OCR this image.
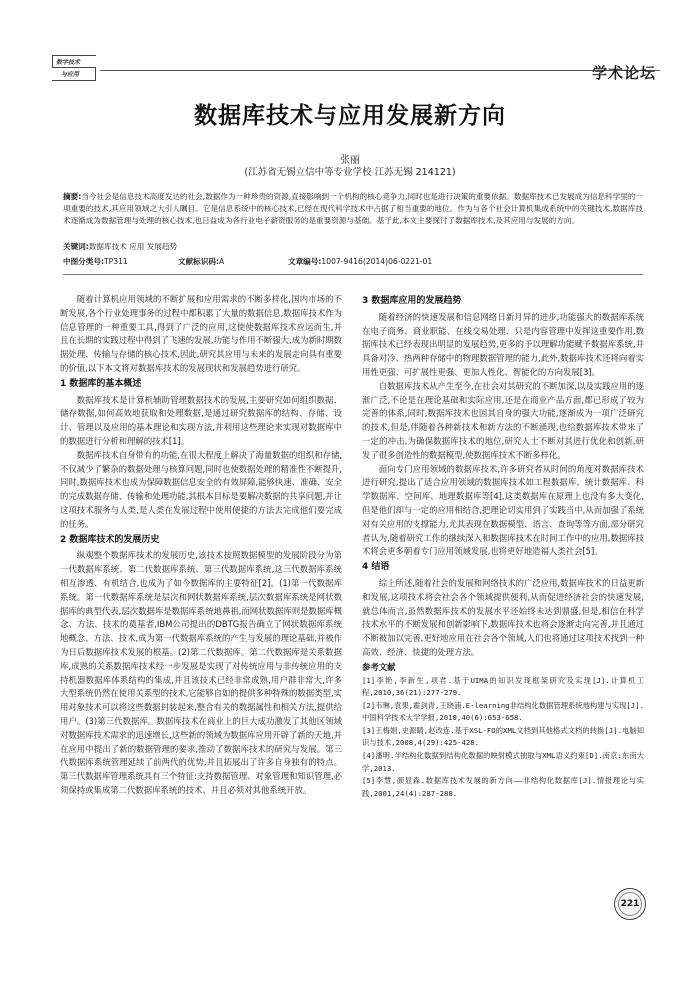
数字技术
与应用	学术论坛
数据库技术与应用发展新方向
张丽
(江苏省无锡立信中等专业学校 江苏无锡 214121)
摘要:当今社会是信息技术高度发达的社会,数据作为一种珍贵的资源,直接影响到一个机构的核心竞争力,同时也是进行决策的重要依据。数据库技术已发展成为信息科学里的一项重要的技术,其应用领域之大引人瞩目。它是信息系统中的核心技术,已经在现代科学技术中占据了相当重要的地位。作为与各个社会计算机集成系统中的关键技术,数据库技术逐渐成为数据管理与处理的核心技术,也日益成为各行业电子薪资服务的是重要资源与基础。基于此,本文主要探讨了数据库技术,及其应用与发展的方向。
关键词:数据库技术 应用 发展趋势
中图分类号:TP311	文献标识码:A	文章编号:1007-9416(2014)06-0221-01

随着计算机应用领域的不断扩展和应用需求的不断多样化,国内市场的不断发展,各个行业处理事务的过程中都积累了大量的数据信息,数据库技术作为信息管理的一种重要工具,得到了广泛的应用,这使使数据库技术应运而生,并且在长期的实践过程中得到了飞速的发展,功能与作用不断强大,成为新时期数据处理、传输与存储的核心技术,因此,研究其应用与未来的发展走向具有重要的价值,以下本文将对数据库技术的发展现状和发展趋势进行研究。

1 数据库的基本概述

数据库技术是计算机辅助管理数据技术的发展,主要研究如何组织数据、储存数据,如何高效地获取和处理数据,是通过研究数据库的结构、存储、设计、管理以及应用的基本理论和实现方法,并利用这些理论来实现对数据库中的数据进行分析和理解的技术[1]。

数据库技术自身带有的功能,在很大程度上解决了海量数据的组织和存储,不仅减少了繁杂的数据处理与核算问题,同时也使数据处理的精准性不断提升,同时,数据库技术也成为保障数据信息安全的有效屏障,能够快速、准确、安全的完成数据存储、传输和处理功能,其根本目标是要解决数据的共享问题,并让这项技术服务与人类,是人类在发展过程中使用便捷的方法去完成他们要完成的任务。

2 数据库技术的发展历史

纵观整个数据库技术的发展历史,该技术按照数据模型的发展阶段分为第一代数据库系统、第二代数据库系统、第三代数据库系统,这三代数据库系统相互渗透、有机结合,也成为了如今数据库的主要特征[2]。(1)第一代数据库系统。第一代数据库系统是层次和网状数据库系统,层次数据库系统是网状数据库的典型代表,层次数据库是数据库系统地鼻祖,而网状数据库则是数据库概念、方法、技术的奠基者,IBM公司提出的DBTG报告确立了网状数据库系统地概念、方法、技术,成为第一代数据库系统的产生与发展的理论基础,并被作为日后数据库技术发展的根基。(2)第二代数据库。第二代数据库是关系数据库,成熟的关系数据库技术经一步发展是实现了对传统应用与非传统应用的支持机器数据库体系结构的集成,并且该技术已经非常成熟,用户群非常大,许多大型系统仍然在使用关系型的技术,它能够自如的提供多种特殊的数据类型,实用对象技术可以将这些数据封装起来,整合有关的数据属性和相关方法,提供给用户。(3)第三代数据库。数据库技术在商业上的巨大成功激发了其他区领域对数据库技术需求的迅速增长,这些新的领域为数据库应用开辟了新的天地,并在应用中提出了新的数据管理的要求,推动了数据库技术的研究与发展。第三代数据库系统管理延续了前两代的优势,并且拓展出了许多自身独有的特点。第三代数据库管理系统具有三个特征:支持数据管理、对象管理和知识管理,必须保持或集成第二代数据库系统的技术、并且必须对其他系统开放。

3 数据库应用的发展趋势

随着经济的快速发展和信息网络日新月异的进步,功能强大的数据库系统在电子商务、商业职能、在线交易处理、只是内容管理中发挥这重要作用,数据库技术已经表现出明显的发展趋势,更多的予以理解功能赋予数据库系统,并具备对冷、热两种存储中的物理数据管理的能力,此外,数据库技术还将向着实用性更强、可扩展性更强、更加人性化、智能化的方向发展[3]。

自数据库技术从产生至今,在社会对其研究的不断加深,以及实践应用的逐渐广泛,不论是在理论基础和实际应用,还是在商业产品方面,都已形成了较为完善的体系,同时,数据库技术也因其自身的强大功能,逐渐成为一项广泛研究的技术,但是,伴随着各种新技术和新方法的不断涌现,也给数据库技术带来了一定的冲击,为确保数据库技术的地位,研究人士不断对其进行优化和创新,研发了很多创造性的数据模型,使数据库技术不断多样化。

面向专门应用领域的数据库技术,许多研究者从时间的角度对数据库技术进行研究,提出了适合应用领域的数据库技术如工程数据库、统计数据库、科学数据库、空间库、地理数据库等[4],这类数据库在原理上也没有多大变化,但是他们却与一定的应用相结合,把理论切实用到了实践当中,从而加强了系统对有关应用的支撑能力,尤其表现在数据模型、语言、查询等等方面,部分研究者认为,随着研究工作的继续深入和数据库技术在时间工作中的应用,数据库技术将会更多朝着专门应用领域发展,也将更好地造福人类社会[5]。

4 结语

综上所述,随着社会的发展和网络技术的广泛应用,数据库技术的日益更新和发展,这项技术将会社会各个领域提供便利,从而促进经济社会的快速发展,就总体而言,虽然数据库技术的发展水平还始终未达到鼎盛,但是,相信在科学技术水平的不断发展和创新影响下,数据库技术也将会逐渐走向完善,并且通过不断被加以完善,更好地应用在社会各个领域,人们也将通过这项技术找到一种高效、经济、快捷的处理方法。

参考文献
[1]李艳,李新生,项君.基于UIMA的知识发现框架研究及实现[J].计算机工程,2010,36(21):277-279.
[2]韦琳,袁果,霍剑青,王晓浦.E-learning非结构化数据管理系统地构建与实现[J].中国科学技术大学学报,2010,40(6):653-658.
[3]王梅娟,史源睛,赵改连.基于XSL-FO的XML文档到其他格式文档的转换[J].电脑知识与技术,2008,4(29):425-428.
[4]潘明.半结构化数据到结构化数据的映射模式抽取与XML语义约束[D].南京:东南大学,2013.
[5]李慧,颜显森.数据库技术发展的新方向——非结构化数据库[J].情报理论与实践,2001,24(4):287-288.
221
